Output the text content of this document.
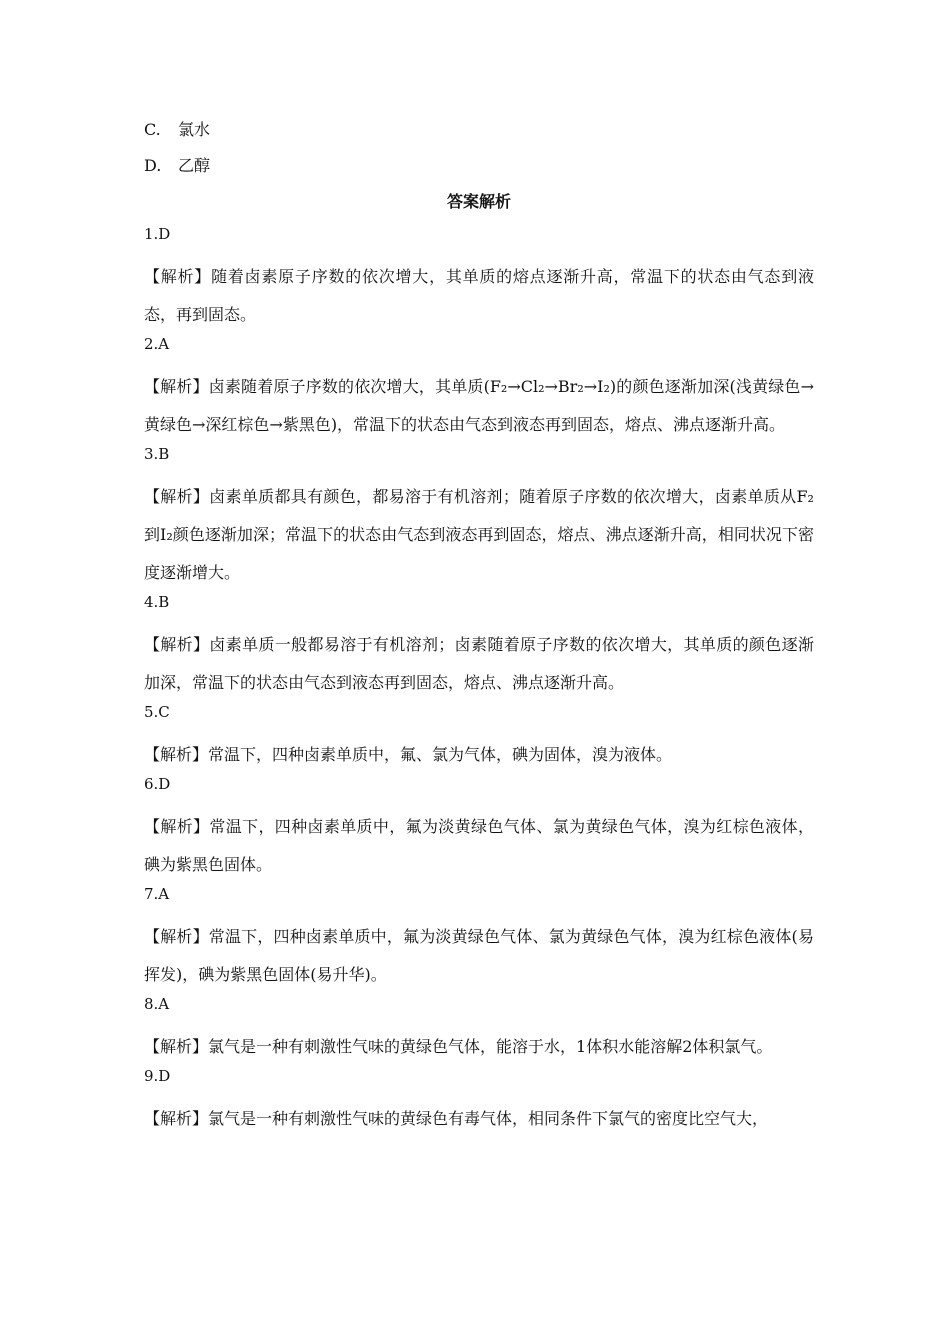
C. 氯水
D. 乙醇
答案解析
1.D
【解析】随着卤素原子序数的依次增大，其单质的熔点逐渐升高，常温下的状态由气态到液态，再到固态。
2.A
【解析】卤素随着原子序数的依次增大，其单质(F₂→Cl₂→Br₂→I₂)的颜色逐渐加深(浅黄绿色→黄绿色→深红棕色→紫黑色)，常温下的状态由气态到液态再到固态，熔点、沸点逐渐升高。
3.B
【解析】卤素单质都具有颜色，都易溶于有机溶剂；随着原子序数的依次增大，卤素单质从F₂到I₂颜色逐渐加深；常温下的状态由气态到液态再到固态，熔点、沸点逐渐升高，相同状况下密度逐渐增大。
4.B
【解析】卤素单质一般都易溶于有机溶剂；卤素随着原子序数的依次增大，其单质的颜色逐渐加深，常温下的状态由气态到液态再到固态，熔点、沸点逐渐升高。
5.C
【解析】常温下，四种卤素单质中，氟、氯为气体，碘为固体，溴为液体。
6.D
【解析】常温下，四种卤素单质中，氟为淡黄绿色气体、氯为黄绿色气体，溴为红棕色液体，碘为紫黑色固体。
7.A
【解析】常温下，四种卤素单质中，氟为淡黄绿色气体、氯为黄绿色气体，溴为红棕色液体(易挥发)，碘为紫黑色固体(易升华)。
8.A
【解析】氯气是一种有刺激性气味的黄绿色气体，能溶于水，1体积水能溶解2体积氯气。
9.D
【解析】氯气是一种有刺激性气味的黄绿色有毒气体，相同条件下氯气的密度比空气大，
